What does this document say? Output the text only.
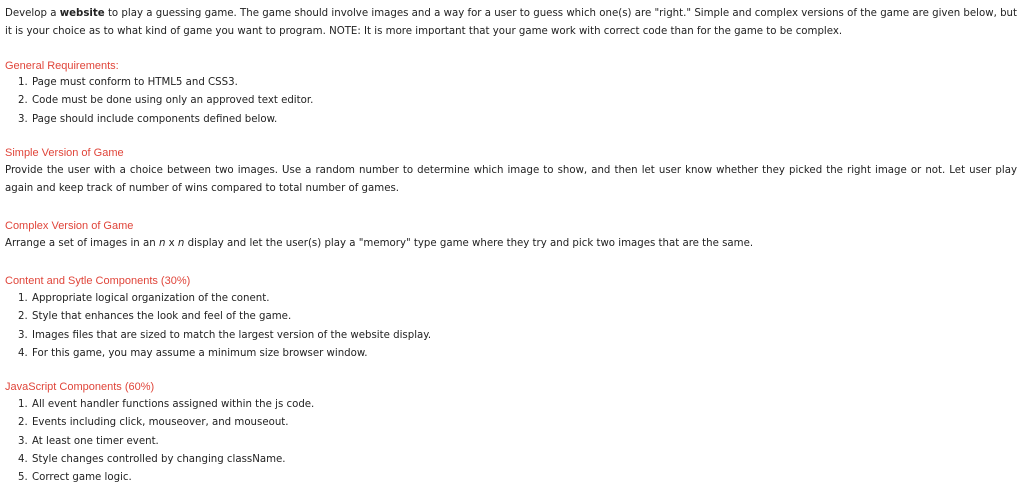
Develop a website to play a guessing game. The game should involve images and a way for a user to guess which one(s) are "right." Simple and complex versions of the game are given below, but it is your choice as to what kind of game you want to program. NOTE: It is more important that your game work with correct code than for the game to be complex.

General Requirements:
1. Page must conform to HTML5 and CSS3.
2. Code must be done using only an approved text editor.
3. Page should include components defined below.
Simple Version of Game

Provide the user with a choice between two images. Use a random number to determine which image to show, and then let user know whether they picked the right image or not. Let user play again and keep track of number of wins compared to total number of games.

Complex Version of Game

Arrange a set of images in an n x n display and let the user(s) play a "memory" type game where they try and pick two images that are the same.

Content and Sytle Components (30%)
1. Appropriate logical organization of the conent.
2. Style that enhances the look and feel of the game.
3. Images files that are sized to match the largest version of the website display.
4. For this game, you may assume a minimum size browser window.
JavaScript Components (60%)
1. All event handler functions assigned within the js code.
2. Events including click, mouseover, and mouseout.
3. At least one timer event.
4. Style changes controlled by changing className.
5. Correct game logic.
